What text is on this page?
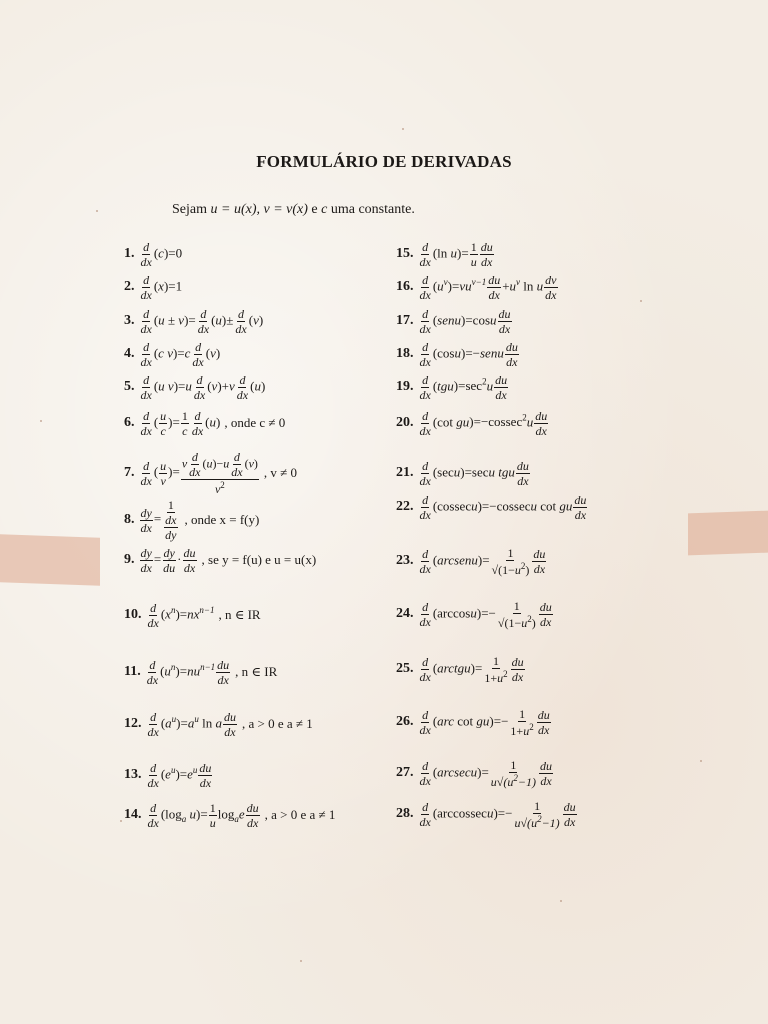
FORMULÁRIO DE DERIVADAS
Sejam u = u(x), v = v(x) e c uma constante.
1. $\frac{d}{dx} (c)=0$
2. $\frac{d}{dx} (x)=1$
3. $\frac{d}{dx} (u \pm v)= \frac{d}{dx} (u)\pm \frac{d}{dx} (v)$
4. $\frac{d}{dx} (c$ $v)=c \frac{d}{dx} (v)$
5. $\frac{d}{dx} (u$ $v)=u \frac{d}{dx} (v)+v \frac{d}{dx} (u)$
6. $\frac{d}{dx}$ ( $\frac{u}{c}$ )= $\frac{1}{c} \frac{d}{dx} (u)$ , onde c ≠ 0
7. $\frac{d}{dx}$ ( $\frac{u}{v}$ )= $\frac{v \frac{d}{dx} (u)-u \frac{d}{dx} (v)}{v^2}$ , v ≠ 0
8. $\frac{dy}{dx} = \frac{1}{\frac{dx}{dy}}$ , onde x = f(y)
9. $\frac{dy}{dx} = \frac{dy}{du} \cdot \frac{du}{dx}$ , se y = f(u) e u = u(x)
10. $\frac{d}{dx} (x^n)=nx^{n-1}$ , n ∈ IR
11. $\frac{d}{dx} (u^n)=nu^{n-1} \frac{du}{dx}$ , n ∈ IR
12. $\frac{d}{dx} (a^u)=a^u$ ln a $\frac{du}{dx}$ , a > 0 e a ≠ 1
13. $\frac{d}{dx} (e^u)=e^u \frac{du}{dx}$
14. $\frac{d}{dx} (\log_a$ $u)= \frac{1}{u} \log_ae \frac{du}{dx}$ , a > 0 e a ≠ 1
15. $\frac{d}{dx} (\ln$ $u)= \frac{1}{u} \frac{du}{dx}$
16. $\frac{d}{dx} (u^v)=vu^{v-1} \frac{du}{dx} +u^v$ ln u $\frac{dv}{dx}$
17. $\frac{d}{dx}$ (senu)=cosu $\frac{du}{dx}$
18. $\frac{d}{dx}$ (cosu)=−senu $\frac{du}{dx}$
19. $\frac{d}{dx} (tgu)=\sec^2u \frac{du}{dx}$
20. $\frac{d}{dx} (\cot$ $gu)=-cossec^2u \frac{du}{dx}$
21. $\frac{d}{dx} (\sec u)=\sec u$ tgu $\frac{du}{dx}$
22. $\frac{d}{dx} (cossecu)=-cossecu$ cot gu $\frac{du}{dx}$
23. $\frac{d}{dx}$ (arcsenu)= $\frac{1}{√(1-u^2)} \frac{du}{dx}$
24. $\frac{d}{dx} (\arccos u)=- \frac{1}{√(1-u^2)} \frac{du}{dx}$
25. $\frac{d}{dx}$ (arctgu)= $\frac{1}{1+u^2} \frac{du}{dx}$
26. $\frac{d}{dx} (arc$ $\cot gu)=- \frac{1}{1+u^2} \frac{du}{dx}$
27. $\frac{d}{dx} (arcsecu)= \frac{1}{u√(u^2-1)} \frac{du}{dx}$
28. $\frac{d}{dx}$ (arccossecu)=− $\frac{1}{u√(u^2-1)} \frac{du}{dx}$
